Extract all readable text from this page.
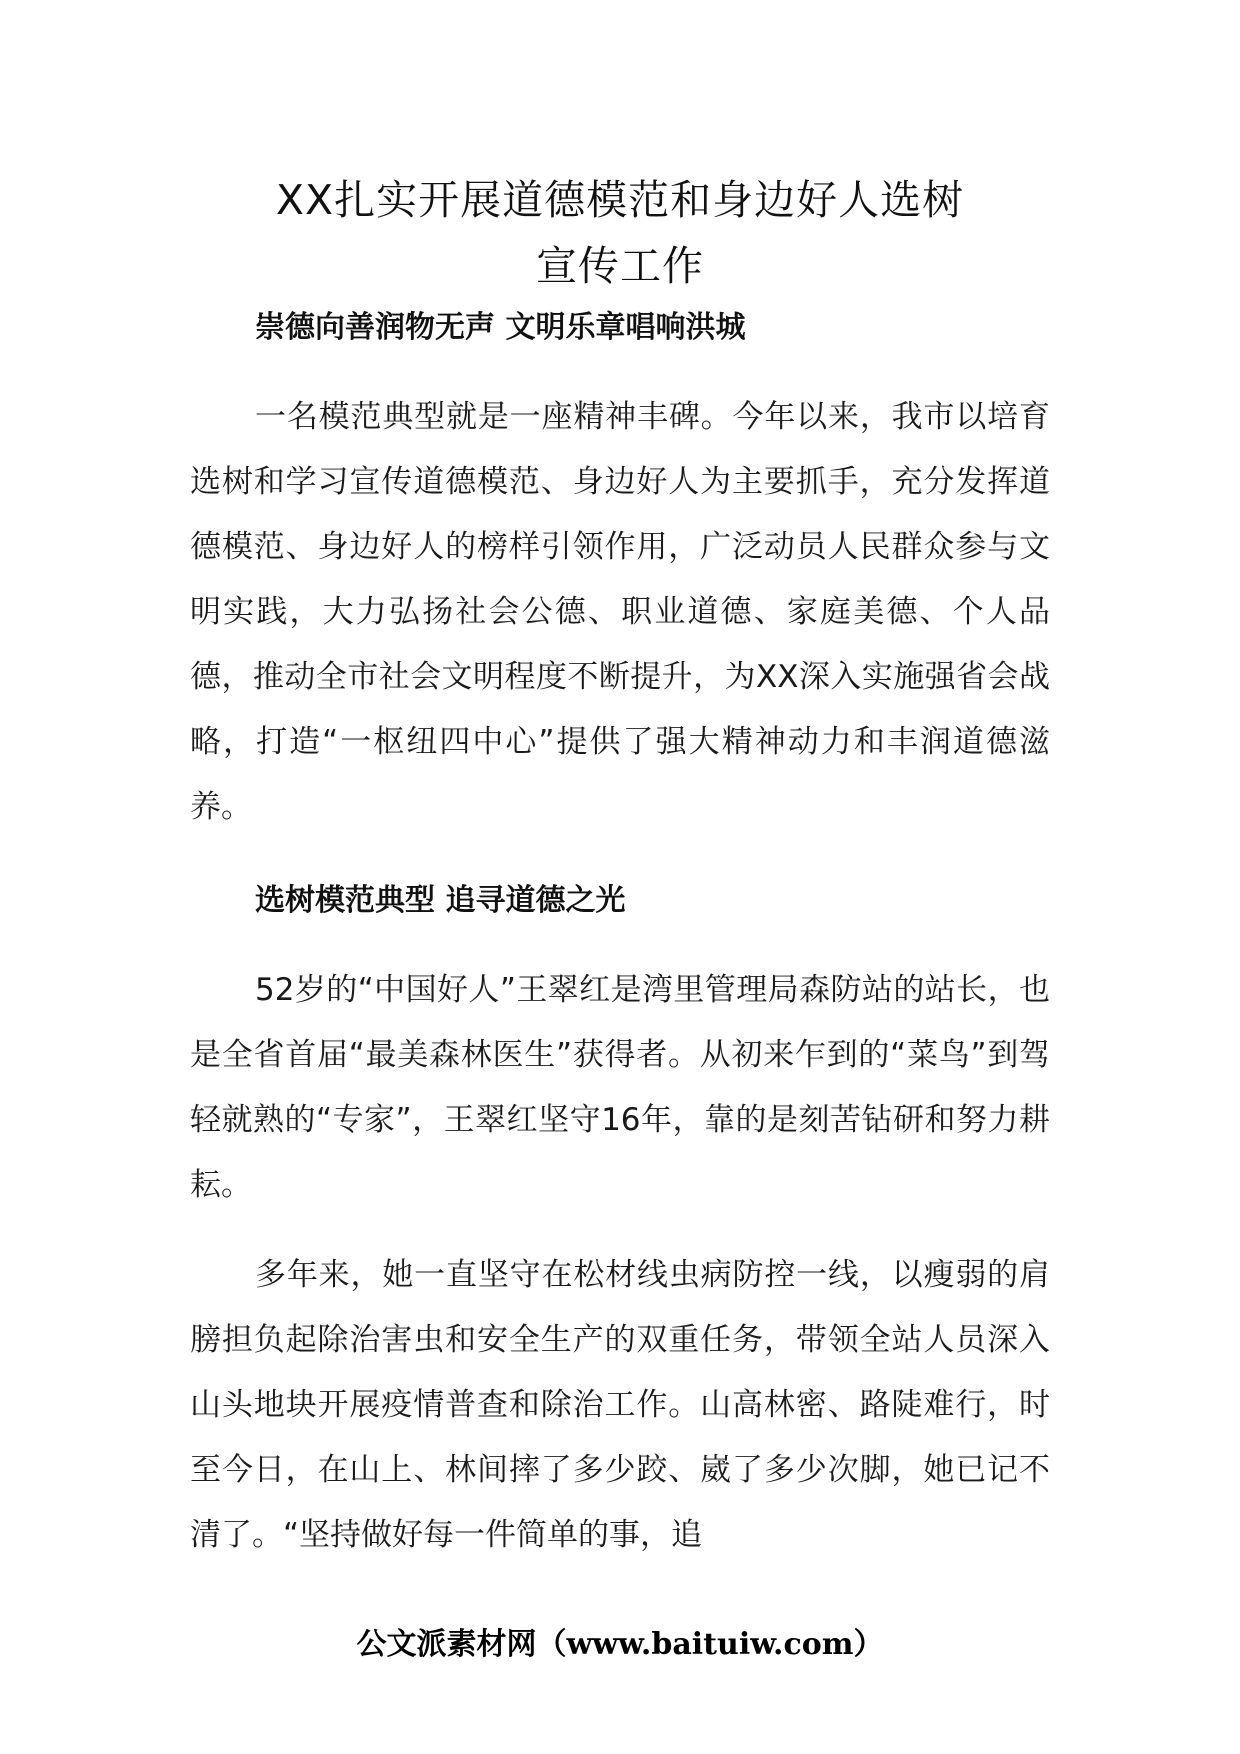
XX扎实开展道德模范和身边好人选树
宣传工作
崇德向善润物无声 文明乐章唱响洪城

一名模范典型就是一座精神丰碑。今年以来，我市以培育选树和学习宣传道德模范、身边好人为主要抓手，充分发挥道德模范、身边好人的榜样引领作用，广泛动员人民群众参与文明实践，大力弘扬社会公德、职业道德、家庭美德、个人品德，推动全市社会文明程度不断提升，为XX深入实施强省会战略，打造“一枢纽四中心”提供了强大精神动力和丰润道德滋养。

选树模范典型 追寻道德之光

52岁的“中国好人”王翠红是湾里管理局森防站的站长，也是全省首届“最美森林医生”获得者。从初来乍到的“菜鸟”到驾轻就熟的“专家”，王翠红坚守16年，靠的是刻苦钻研和努力耕耘。

多年来，她一直坚守在松材线虫病防控一线，以瘦弱的肩膀担负起除治害虫和安全生产的双重任务，带领全站人员深入山头地块开展疫情普查和除治工作。山高林密、路陡难行，时至今日，在山上、林间摔了多少跤、崴了多少次脚，她已记不清了。“坚持做好每一件简单的事，追

公文派素材网（www.baituiw.com）
